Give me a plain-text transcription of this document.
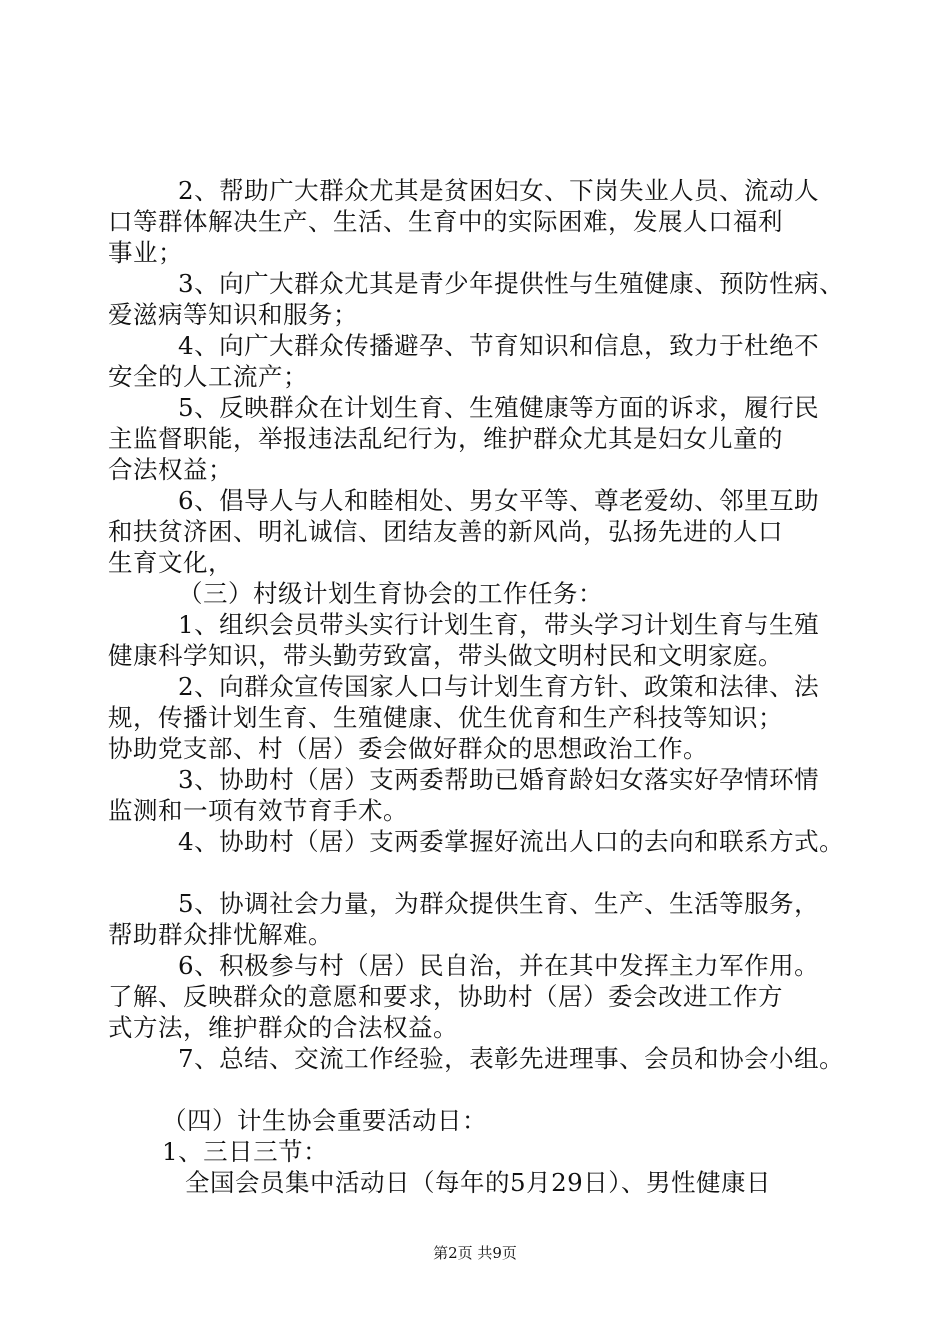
2、帮助广大群众尤其是贫困妇女、下岗失业人员、流动人
口等群体解决生产、生活、生育中的实际困难，发展人口福利
事业；
3、向广大群众尤其是青少年提供性与生殖健康、预防性病、
爱滋病等知识和服务；
4、向广大群众传播避孕、节育知识和信息，致力于杜绝不
安全的人工流产；
5、反映群众在计划生育、生殖健康等方面的诉求，履行民
主监督职能，举报违法乱纪行为，维护群众尤其是妇女儿童的
合法权益；
6、倡导人与人和睦相处、男女平等、尊老爱幼、邻里互助
和扶贫济困、明礼诚信、团结友善的新风尚，弘扬先进的人口
生育文化，
（三）村级计划生育协会的工作任务：
1、组织会员带头实行计划生育，带头学习计划生育与生殖
健康科学知识，带头勤劳致富，带头做文明村民和文明家庭。
2、向群众宣传国家人口与计划生育方针、政策和法律、法
规，传播计划生育、生殖健康、优生优育和生产科技等知识；
协助党支部、村（居）委会做好群众的思想政治工作。
3、协助村（居）支两委帮助已婚育龄妇女落实好孕情环情
监测和一项有效节育手术。
4、协助村（居）支两委掌握好流出人口的去向和联系方式。
5、协调社会力量，为群众提供生育、生产、生活等服务，
帮助群众排忧解难。
6、积极参与村（居）民自治，并在其中发挥主力军作用。
了解、反映群众的意愿和要求，协助村（居）委会改进工作方
式方法，维护群众的合法权益。
7、总结、交流工作经验，表彰先进理事、会员和协会小组。
（四）计生协会重要活动日：
1、三日三节：
全国会员集中活动日（每年的5月29日）、男性健康日
第2页 共9页
